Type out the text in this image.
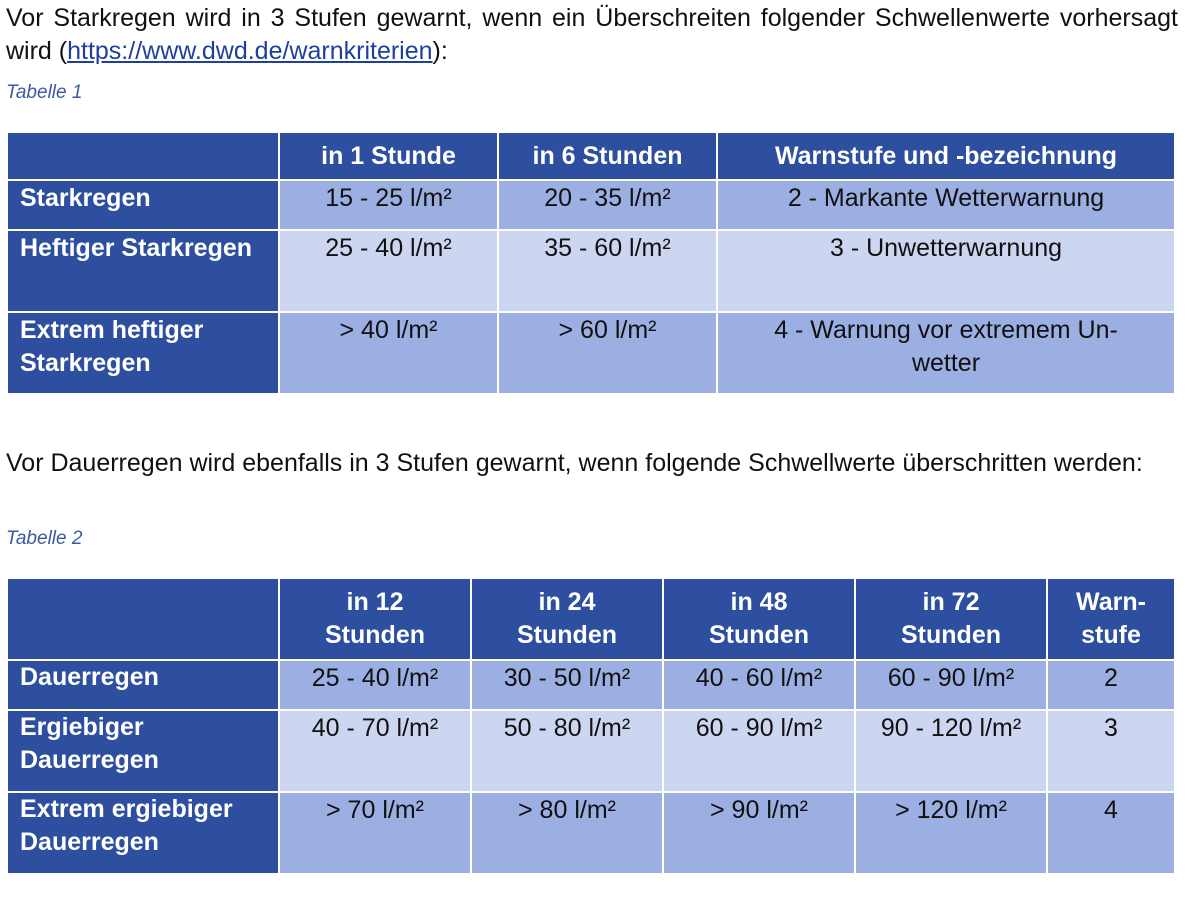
Vor Starkregen wird in 3 Stufen gewarnt, wenn ein Überschreiten folgender Schwellenwerte vorhersagt wird (https://www.dwd.de/warnkriterien):

Tabelle 1

	in 1 Stunde	in 6 Stunden	Warnstufe und -bezeichnung
Starkregen	15 - 25 l/m²	20 - 35 l/m²	2 - Markante Wetterwarnung
Heftiger Starkregen	25 - 40 l/m²	35 - 60 l/m²	3 - Unwetterwarnung
Extrem heftiger Starkregen	> 40 l/m²	> 60 l/m²	4 - Warnung vor extremem Un-wetter

Vor Dauerregen wird ebenfalls in 3 Stufen gewarnt, wenn folgende Schwellwerte überschritten werden:

Tabelle 2

	in 12 Stunden	in 24 Stunden	in 48 Stunden	in 72 Stunden	Warn-stufe
Dauerregen	25 - 40 l/m²	30 - 50 l/m²	40 - 60 l/m²	60 - 90 l/m²	2
Ergiebiger Dauerregen	40 - 70 l/m²	50 - 80 l/m²	60 - 90 l/m²	90 - 120 l/m²	3
Extrem ergiebiger Dauerregen	> 70 l/m²	> 80 l/m²	> 90 l/m²	> 120 l/m²	4
